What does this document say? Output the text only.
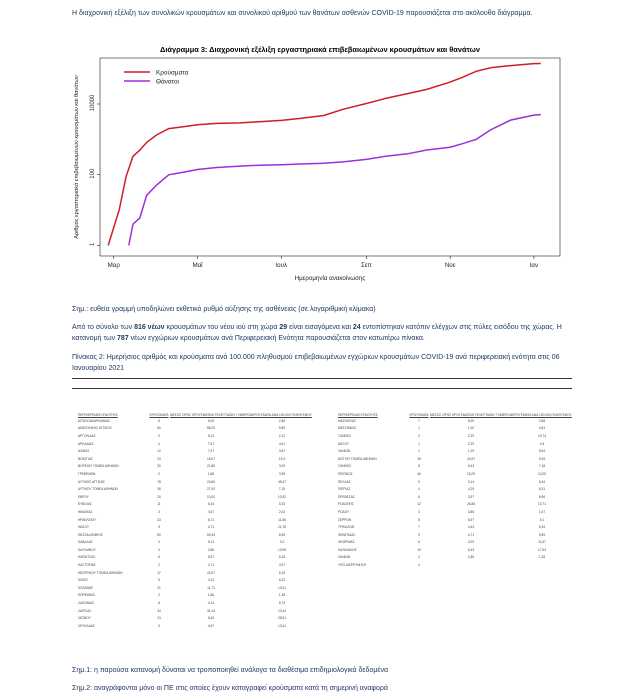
Η διαχρονική εξέλιξη των συνολικών κρουσμάτων και συνολικού αριθμού των θανάτων ασθενών COVID-19 παρουσιάζεται στο ακόλουθο διάγραμμα.
Διάγραμμα 3: Διαχρονική εξέλιξη εργαστηριακά επιβεβαιωμένων κρουσμάτων και θανάτων
1
100
10000
Μαρ	Μαΐ	Ιουλ	Σεπ	Νοε	Ιαν
Ημερομηνία ανακοίνωσης
Αριθμός εργαστηριακά επιβεβαιωμένων κρουσμάτων και θανάτων
Κρούσματα
Θάνατοι
Σημ.: ευθεία γραμμή υποδηλώνει εκθετικό ρυθμό αύξησης της ασθένειας (σε λογαριθμική κλίμακα)
Από το σύνολο των 816 νέων κρουσμάτων του νέου ιού στη χώρα 29 είναι εισαγόμενα και 24 εντοπίστηκαν κατόπιν ελέγχων στις πύλες εισόδου της χώρας. Η κατανομή των 787 νέων εγχώριων κρουσμάτων ανά Περιφερειακή Ενότητα παρουσιάζεται στον κατωτέρω πίνακα.
Πίνακας 2: Ημερήσιος αριθμός και κρούσματα ανά 100.000 πληθυσμού επιβεβαιωμένων εγχώριων κρουσμάτων COVID-19 ανά περιφερειακή ενότητα στις 06 Ιανουαρίου 2021
ΠΕΡΙΦΕΡΕΙΑΚΗ ΕΝΟΤΗΤΑ	ΚΡΟΥΣΜΑΤΑ	ΜΕΣΟΣ ΟΡΟΣ ΚΡΟΥΣΜΑΤΩΝ ΤΕΛΕΥΤΑΙΩΝ 7 ΗΜΕΡΩΝ	ΚΡΟΥΣΜΑΤΑ ΑΝΑ 100.000 ΠΛΗΘΥΣΜΟΥ
ΑΙΤΩΛΟΑΚΑΡΝΑΝΙΑΣ	6	6,00	2,86
ΑΝΑΤΟΛΙΚΗΣ ΑΤΤΙΚΗΣ	60	55,29	9,89
ΑΡΓΟΛΙΔΑΣ	2	5,14	2,12
ΑΡΚΑΔΙΑΣ	4	7,57	4,61
ΑΧΑΪΑΣ	12	7,57	3,87
ΒΟΙΩΤΙΑΣ	23	15,57	19,3
ΒΟΡΕΙΟΥ ΤΟΜΕΑ ΑΘΗΝΩΝ	30	21,86	3,09
ΓΡΕΒΕΝΩΝ	2	1,86	3,95
ΔΥΤΙΚΗΣ ΑΤΤΙΚΗΣ	78	20,86	48,47
ΔΥΤΙΚΟΥ ΤΟΜΕΑ ΑΘΗΝΩΝ	36	27,00	7,15
ΕΒΡΟΥ	20	10,00	13,52
ΕΥΒΟΙΑΣ	11	6,43	5,33
ΗΜΑΘΙΑΣ	3	4,57	2,03
ΗΡΑΚΛΕΙΟΥ	33	6,71	11,56
ΘΑΣΟΥ	3	4,71	21,78
ΘΕΣΣΑΛΟΝΙΚΗΣ	80	59,43	8,96
ΚΑΒΑΛΑΣ	4	5,14	3,2
ΚΑΛΥΜΝΟΥ	4	2,86	13,98
ΚΑΡΔΙΤΣΑΣ	6	5,57	5,28
ΚΑΣΤΟΡΙΑΣ	2	4,71	3,97
ΚΕΝΤΡΙΚΟΥ ΤΟΜΕΑ ΑΘΗΝΩΝ	47	42,57	6,15
ΚΙΛΚΙΣ	5	4,14	6,22
ΚΟΖΑΝΗΣ	21	11,71	13,51
ΚΟΡΙΝΘΙΑΣ	2	1,86	1,38
ΛΑΚΩΝΙΑΣ	8	4,14	8,73
ΛΑΡΙΣΑΣ	34	31,14	10,44
ΛΕΣΒΟΥ	24	6,43	28,51
ΛΕΥΚΑΔΑΣ	3	4,57	13,41
ΠΕΡΙΦΕΡΕΙΑΚΗ ΕΝΟΤΗΤΑ	ΚΡΟΥΣΜΑΤΑ	ΜΕΣΟΣ ΟΡΟΣ ΚΡΟΥΣΜΑΤΩΝ ΤΕΛΕΥΤΑΙΩΝ 7 ΗΜΕΡΩΝ	ΚΡΟΥΣΜΑΤΑ ΑΝΑ 100.000 ΠΛΗΘΥΣΜΟΥ
ΜΑΓΝΗΣΙΑΣ	7	6,00	3,88
ΜΕΣΣΗΝΙΑΣ	1	1,00	0,63
ΞΑΝΘΗΣ	2	2,29	19,74
ΝΑΞΟΥ	1	2,29	4,8
ΧΑΝΙΩΝ	1	1,29	8,54
ΝΟΤΙΟΥ ΤΟΜΕΑ ΑΘΗΝΩΝ	28	24,57	5,39
ΞΑΝΘΗΣ	8	6,43	7,18
ΠΕΙΡΑΙΩΣ	46	18,29	10,25
ΠΕΛΛΑΣ	9	3,14	6,44
ΠΙΕΡΙΑΣ	4	4,29	6,31
ΠΡΕΒΕΖΑΣ	6	3,57	6,96
ΡΟΔΟΠΗΣ	12	26,86	10,71
ΡΟΔΟΥ	3	3,86	1,67
ΣΕΡΡΩΝ	5	6,57	5,1
ΤΡΙΚΑΛΩΝ	7	4,43	6,34
ΦΘΙΩΤΙΔΑΣ	9	4,71	5,89
ΦΛΩΡΙΝΑΣ	6	3,29	11,67
ΧΑΛΚΙΔΙΚΗΣ	19	5,43	17,54
ΧΑΝΙΩΝ	2	2,86	1,28
ΥΠΟ ΔΙΕΡΕΥΝΗΣΗ	4		
Σημ.1: η παρούσα κατανομή δύναται να τροποποιηθεί ανάλογα τα διαθέσιμα επιδημιολογικά δεδομένα
Σημ.2: αναγράφονται μόνο οι ΠΕ στις οποίες έχουν καταγραφεί κρούσματα κατά τη σημερινή αναφορά
